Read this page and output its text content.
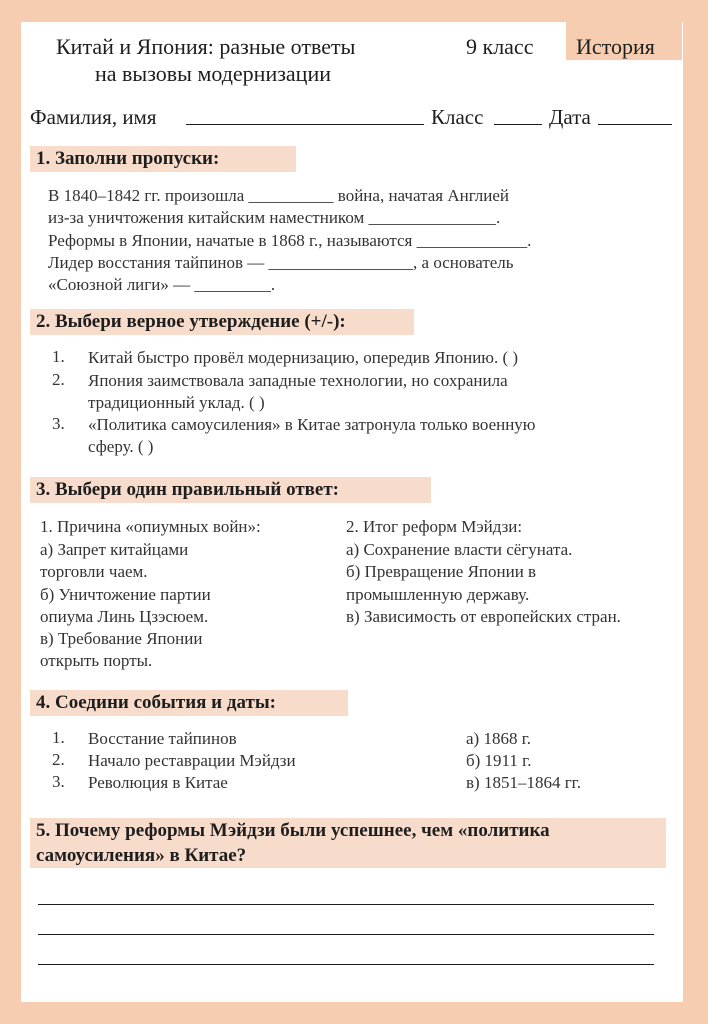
Китай и Япония: разные ответы
на вызовы модернизации
9 класс История
Фамилия, имя	Класс	Дата
1. Заполни пропуски:
В 1840–1842 гг. произошла __________ война, начатая Англией
из-за уничтожения китайским наместником _______________.
Реформы в Японии, начатые в 1868 г., называются _____________.
Лидер восстания тайпинов — _________________, а основатель
«Союзной лиги» — _________.
2. Выбери верное утверждение (+/-):
1. Китай быстро провёл модернизацию, опередив Японию. ( )
2. Япония заимствовала западные технологии, но сохранила
традиционный уклад. ( )
3. «Политика самоусиления» в Китае затронула только военную
сферу. ( )
3. Выбери один правильный ответ:
1. Причина «опиумных войн»:
а) Запрет китайцами
торговли чаем.
б) Уничтожение партии
опиума Линь Цзэсюем.
в) Требование Японии
открыть порты.
2. Итог реформ Мэйдзи:
а) Сохранение власти сёгуната.
б) Превращение Японии в
промышленную державу.
в) Зависимость от европейских стран.
4. Соедини события и даты:
1. Восстание тайпинов
2. Начало реставрации Мэйдзи
3. Революция в Китае
а) 1868 г.
б) 1911 г.
в) 1851–1864 гг.
5. Почему реформы Мэйдзи были успешнее, чем «политика
самоусиления» в Китае?
